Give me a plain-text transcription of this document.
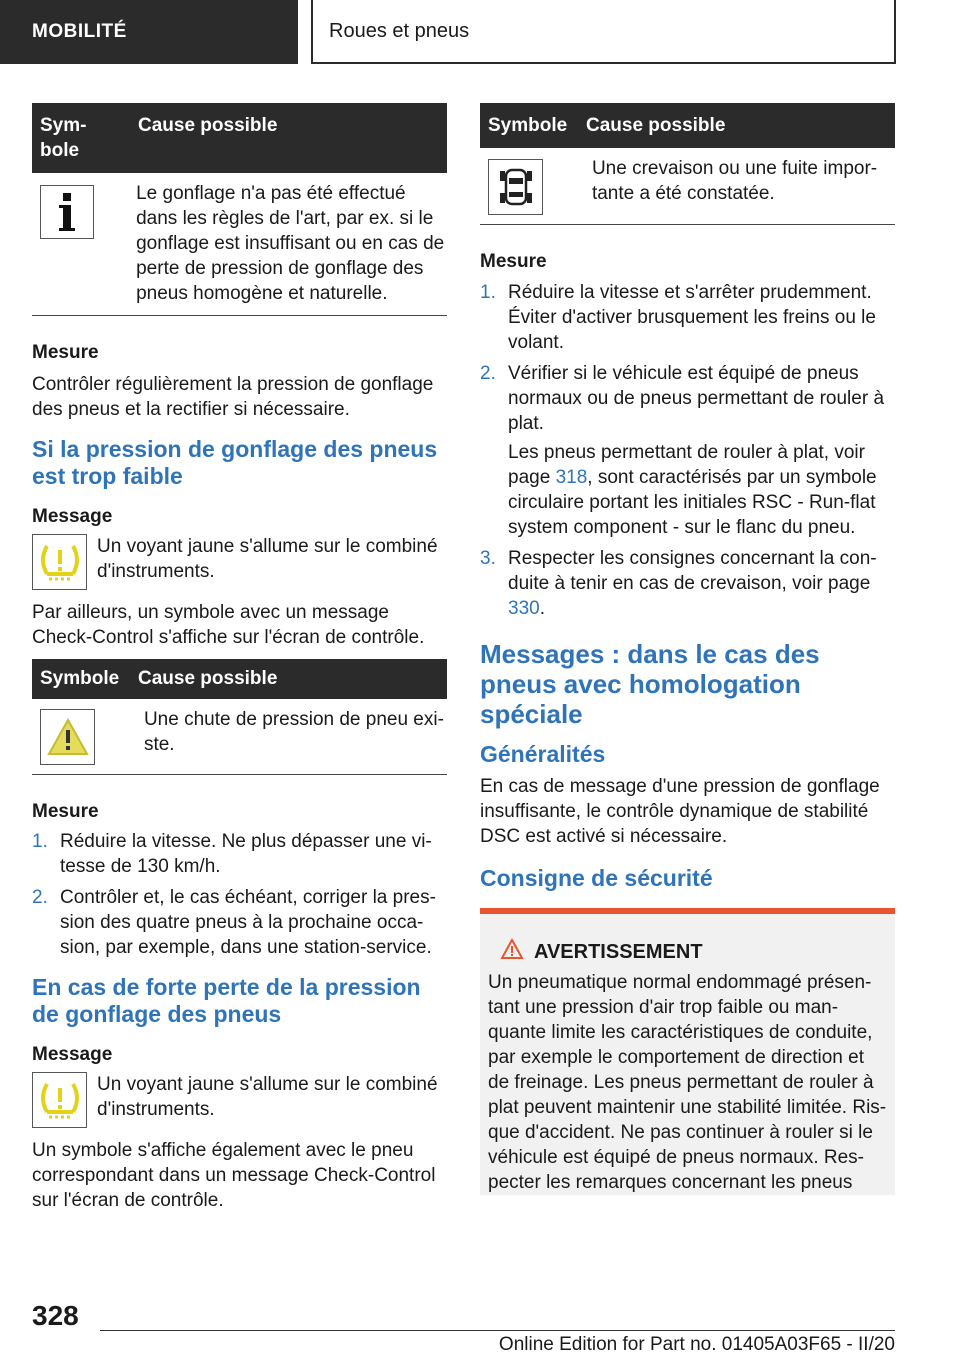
MOBILITÉ	Roues et pneus
Sym-
bole
Cause possible
Le gonflage n'a pas été effectué dans les règles de l'art, par ex. si le gonflage est insuffisant ou en cas de perte de pression de gonflage des pneus homogène et naturelle.
Mesure
Contrôler régulièrement la pression de gonflage des pneus et la rectifier si nécessaire.
Si la pression de gonflage des pneus est trop faible
Message
Un voyant jaune s'allume sur le combiné d'instruments.
Par ailleurs, un symbole avec un message Check-Control s'affiche sur l'écran de contrôle.
Symbole Cause possible
Une chute de pression de pneu exi-ste.
Mesure
1. Réduire la vitesse. Ne plus dépasser une vi-tesse de 130 km/h.
2. Contrôler et, le cas échéant, corriger la pres-sion des quatre pneus à la prochaine occa-sion, par exemple, dans une station-service.
En cas de forte perte de la pression de gonflage des pneus
Message
Un voyant jaune s'allume sur le combiné d'instruments.
Un symbole s'affiche également avec le pneu correspondant dans un message Check-Control sur l'écran de contrôle.
Symbole Cause possible
Une crevaison ou une fuite impor-tante a été constatée.
Mesure
1. Réduire la vitesse et s'arrêter prudemment. Éviter d'activer brusquement les freins ou le volant.
2. Vérifier si le véhicule est équipé de pneus normaux ou de pneus permettant de rouler à plat.
Les pneus permettant de rouler à plat, voir page 318, sont caractérisés par un symbole circulaire portant les initiales RSC - Run-flat system component - sur le flanc du pneu.
3. Respecter les consignes concernant la con-duite à tenir en cas de crevaison, voir page 330.
Messages : dans le cas des pneus avec homologation spéciale
Généralités
En cas de message d'une pression de gonflage insuffisante, le contrôle dynamique de stabilité DSC est activé si nécessaire.
Consigne de sécurité
AVERTISSEMENT
Un pneumatique normal endommagé présen-tant une pression d'air trop faible ou man-quante limite les caractéristiques de conduite, par exemple le comportement de direction et de freinage. Les pneus permettant de rouler à plat peuvent maintenir une stabilité limitée. Ris-que d'accident. Ne pas continuer à rouler si le véhicule est équipé de pneus normaux. Res-pecter les remarques concernant les pneus
328
Online Edition for Part no. 01405A03F65 - II/20
